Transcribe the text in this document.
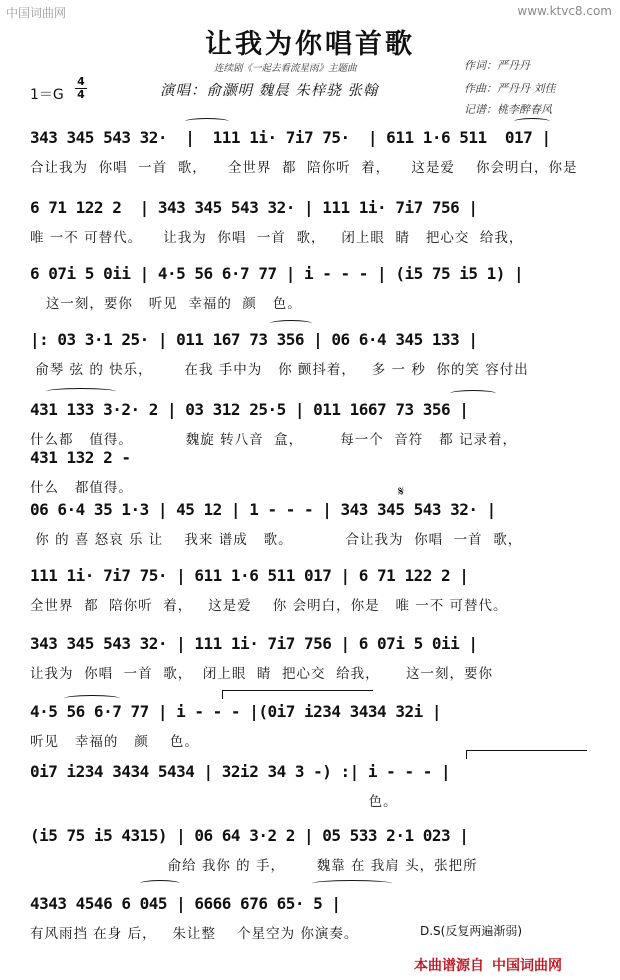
中国词曲网	www.ktvc8.com
让我为你唱首歌
连续剧《一起去看流星雨》主题曲	作词：严丹丹
作曲：严丹丹 刘佳
记谱：桃李醉春风
1＝G
4
4	演唱：俞灏明 魏晨 朱梓骁 张翰
𝄋
343 345 543 32·  |  111 1i· 7i7 75·  | 611 1·6 511  017 |
合让我为  你唱  一首  歌，    全世界  都  陪你听  着，    这是爱    你会明白，你是
6 71 122 2  | 343 345 543 32· | 111 1i· 7i7 756 |
唯 一不 可替代。    让我为  你唱  一首  歌，   闭上眼  睛   把心交  给我，
6 07i 5 0ii | 4·5 56 6·7 77 | i - - - | (i5 75 i5 1) |
这一刻，要你   听见  幸福的  颜   色。
|: 03 3·1 25· | 011 167 73 356 | 06 6·4 345 133 |
俞琴 弦 的 快乐，      在我 手中为   你 颤抖着，   多 一 秒  你的笑 容付出
431 133 3·2· 2 | 03 312 25·5 | 011 1667 73 356 |
什么都   值得。          魏旋 转八音  盒，       每一个  音符   都 记录着，
431 132 2 -
什么   都值得。
06 6·4 35 1·3 | 45 12 | 1 - - - | 343 345 543 32· |
你 的 喜 怒哀 乐 让    我来 谱成   歌。          合让我为  你唱  一首  歌，
111 1i· 7i7 75· | 611 1·6 511 017 | 6 71 122 2 |
全世界  都  陪你听  着，   这是爱    你 会明白，你是   唯 一不 可替代。
343 345 543 32· | 111 1i· 7i7 756 | 6 07i 5 0ii |
让我为  你唱  一首  歌，  闭上眼  睛  把心交  给我，     这一刻，要你
4·5 56 6·7 77 | i - - - |(0i7 i234 3434 32i |
听见   幸福的   颜    色。
0i7 i234 3434 5434 | 32i2 34 3 -) :| i - - - |
色。
(i5 75 i5 4315) | 06 64 3·2 2 | 05 533 2·1 023 |
俞给 我你 的 手，      魏靠 在 我肩 头，张把所
4343 4546 6 045 | 6666 676 65· 5 |
有风雨挡 在身 后，   朱让整    个星空为 你演奏。	D.S(反复两遍渐弱)
本曲谱源自 中国词曲网
